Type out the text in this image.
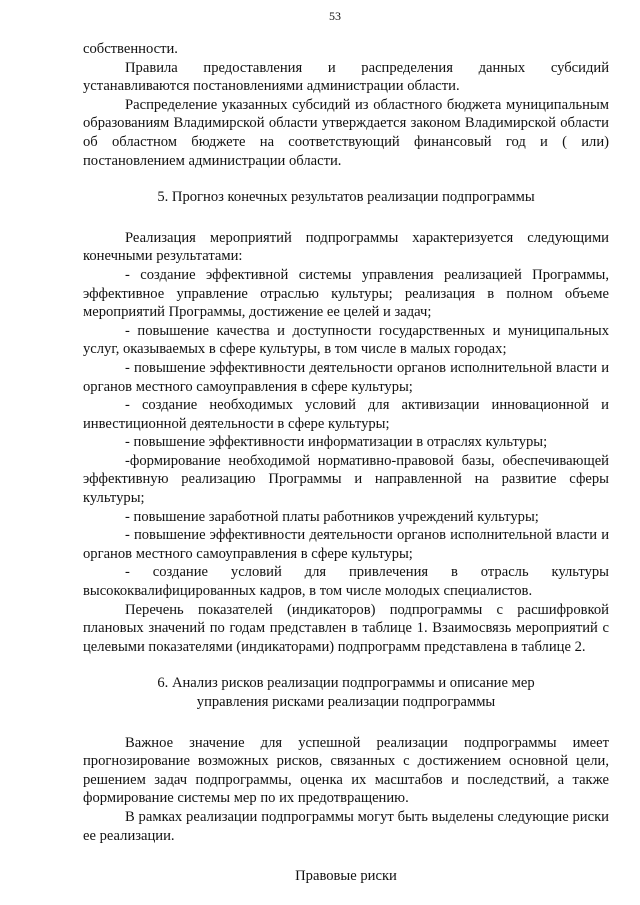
53

собственности.

Правила предоставления и распределения данных субсидий устанавливаются постановлениями администрации области.

Распределение указанных субсидий из областного бюджета муниципальным образованиям Владимирской области утверждается законом Владимирской области об областном бюджете на соответствующий финансовый год и ( или) постановлением администрации области.

5. Прогноз конечных результатов реализации подпрограммы

Реализация мероприятий подпрограммы характеризуется следующими конечными результатами:

- создание эффективной системы управления реализацией Программы, эффективное управление отраслью культуры; реализация в полном объеме мероприятий Программы, достижение ее целей и задач;

- повышение качества и доступности государственных и муниципальных услуг, оказываемых в сфере культуры, в том числе в малых городах;

- повышение эффективности деятельности органов исполнительной власти и органов местного самоуправления в сфере культуры;

- создание необходимых условий для активизации инновационной и инвестиционной деятельности в сфере культуры;

- повышение эффективности информатизации в отраслях культуры;

-формирование необходимой нормативно-правовой базы, обеспечивающей эффективную реализацию Программы и направленной на развитие сферы культуры;

- повышение заработной платы работников учреждений культуры;

- повышение эффективности деятельности органов исполнительной власти и органов местного самоуправления в сфере культуры;

- создание условий для привлечения в отрасль культуры высококвалифицированных кадров, в том числе молодых специалистов.

Перечень показателей (индикаторов) подпрограммы с расшифровкой плановых значений по годам представлен в таблице 1. Взаимосвязь мероприятий с целевыми показателями (индикаторами) подпрограмм представлена в таблице 2.

6. Анализ рисков реализации подпрограммы и описание мер

управления рисками реализации подпрограммы

Важное значение для успешной реализации подпрограммы имеет прогнозирование возможных рисков, связанных с достижением основной цели, решением задач подпрограммы, оценка их масштабов и последствий, а также формирование системы мер по их предотвращению.

В рамках реализации подпрограммы могут быть выделены следующие риски ее реализации.

Правовые риски
